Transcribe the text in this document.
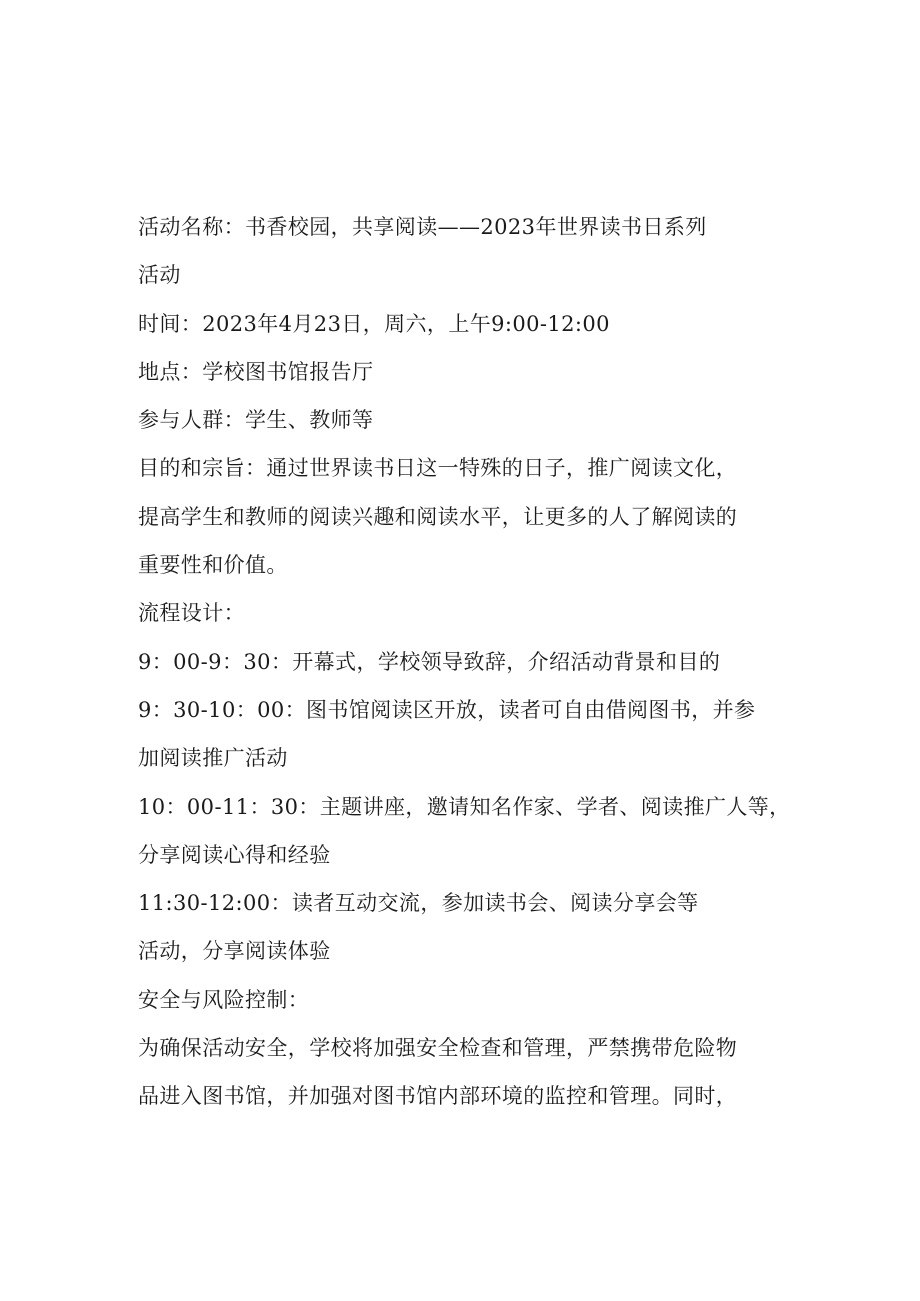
活动名称：书香校园，共享阅读——2023年世界读书日系列
活动
时间：2023年4月23日，周六，上午9:00-12:00
地点：学校图书馆报告厅
参与人群：学生、教师等
目的和宗旨：通过世界读书日这一特殊的日子，推广阅读文化，
提高学生和教师的阅读兴趣和阅读水平，让更多的人了解阅读的
重要性和价值。
流程设计：
9：00-9：30：开幕式，学校领导致辞，介绍活动背景和目的
9：30-10：00：图书馆阅读区开放，读者可自由借阅图书，并参
加阅读推广活动
10：00-11：30：主题讲座，邀请知名作家、学者、阅读推广人等，
分享阅读心得和经验
11:30-12:00：读者互动交流，参加读书会、阅读分享会等
活动，分享阅读体验
安全与风险控制：
为确保活动安全，学校将加强安全检查和管理，严禁携带危险物
品进入图书馆，并加强对图书馆内部环境的监控和管理。同时，
